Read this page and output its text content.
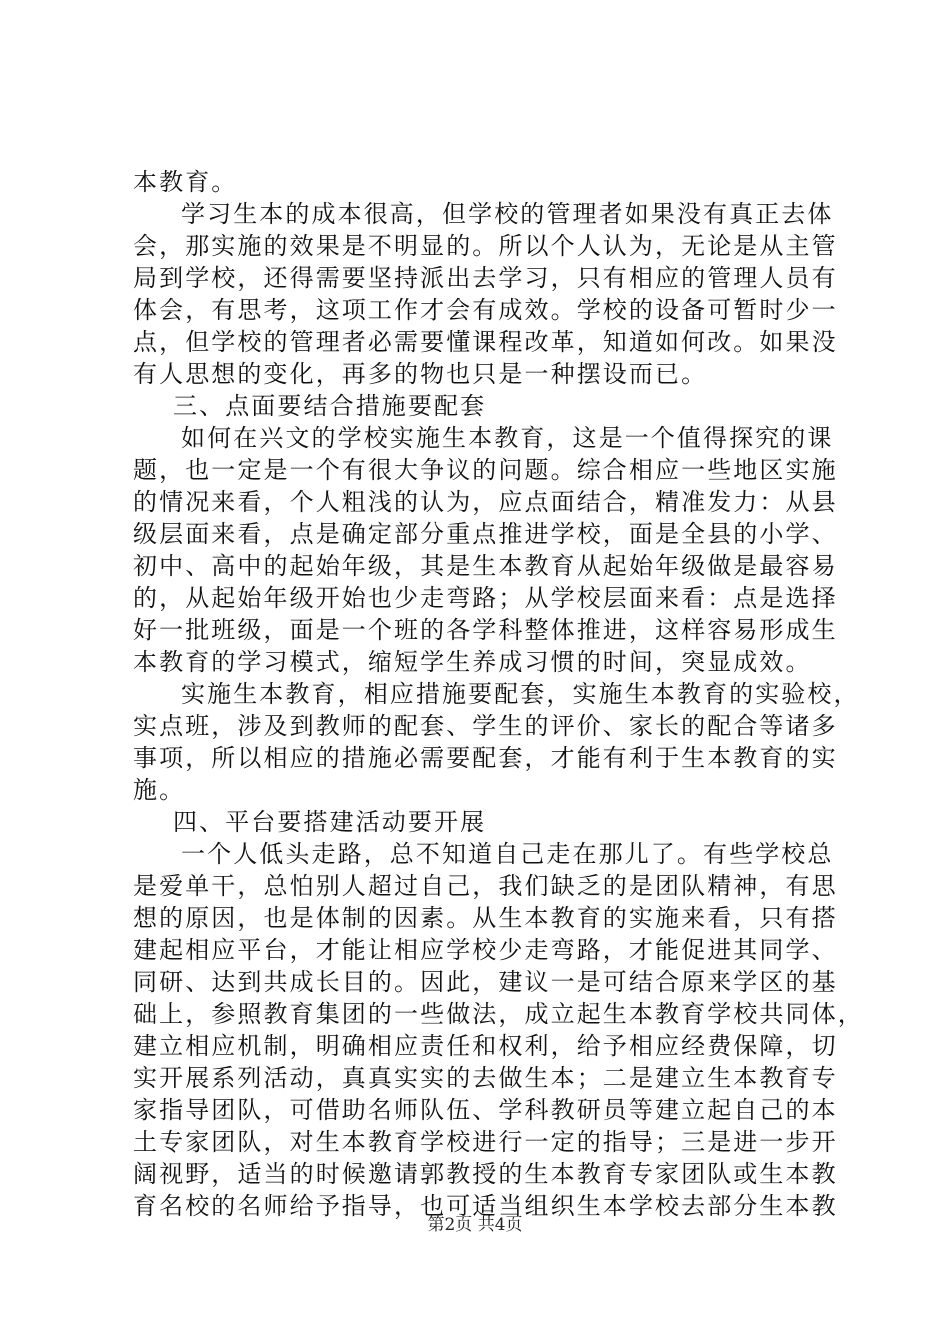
本教育。

学习生本的成本很高，但学校的管理者如果没有真正去体

会，那实施的效果是不明显的。所以个人认为，无论是从主管

局到学校，还得需要坚持派出去学习，只有相应的管理人员有

体会，有思考，这项工作才会有成效。学校的设备可暂时少一

点，但学校的管理者必需要懂课程改革，知道如何改。如果没

有人思想的变化，再多的物也只是一种摆设而已。

三、点面要结合措施要配套

如何在兴文的学校实施生本教育，这是一个值得探究的课

题，也一定是一个有很大争议的问题。综合相应一些地区实施

的情况来看，个人粗浅的认为，应点面结合，精准发力：从县

级层面来看，点是确定部分重点推进学校，面是全县的小学、

初中、高中的起始年级，其是生本教育从起始年级做是最容易

的，从起始年级开始也少走弯路；从学校层面来看：点是选择

好一批班级，面是一个班的各学科整体推进，这样容易形成生

本教育的学习模式，缩短学生养成习惯的时间，突显成效。

实施生本教育，相应措施要配套，实施生本教育的实验校，

实点班，涉及到教师的配套、学生的评价、家长的配合等诸多

事项，所以相应的措施必需要配套，才能有利于生本教育的实

施。

四、平台要搭建活动要开展

一个人低头走路，总不知道自己走在那儿了。有些学校总

是爱单干，总怕别人超过自己，我们缺乏的是团队精神，有思

想的原因，也是体制的因素。从生本教育的实施来看，只有搭

建起相应平台，才能让相应学校少走弯路，才能促进其同学、

同研、达到共成长目的。因此，建议一是可结合原来学区的基

础上，参照教育集团的一些做法，成立起生本教育学校共同体，

建立相应机制，明确相应责任和权利，给予相应经费保障，切

实开展系列活动，真真实实的去做生本；二是建立生本教育专

家指导团队，可借助名师队伍、学科教研员等建立起自己的本

土专家团队，对生本教育学校进行一定的指导；三是进一步开

阔视野，适当的时候邀请郭教授的生本教育专家团队或生本教

育名校的名师给予指导，也可适当组织生本学校去部分生本教

第2页 共4页
